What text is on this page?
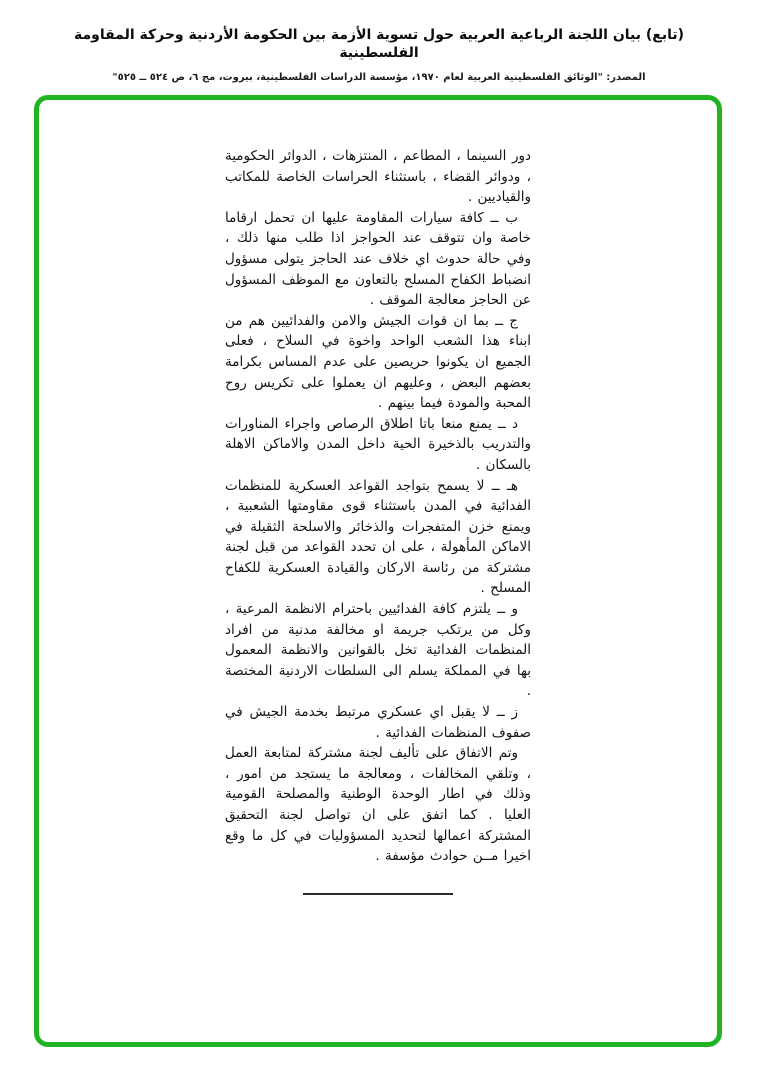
(تابع) بيان اللجنة الرباعية العربية حول تسوية الأزمة بين الحكومة الأردنية وحركة المقاومة الفلسطينية
المصدر: "الوثائق الفلسطينية العربية لعام ١٩٧٠، مؤسسة الدراسات الفلسطينية، بيروت، مج ٦، ص ٥٢٤ ــ ٥٢٥"

دور السينما ، المطاعم ، المنتزهات ، الدوائر الحكومية ، ودوائر القضاء ، باستثناء الحراسات الخاصة للمكاتب والقياديين .

ب ــ كافة سيارات المقاومة عليها ان تحمل ارقاما خاصة وان تتوقف عند الحواجز اذا طلب منها ذلك ، وفي حالة حدوث اي خلاف عند الحاجز يتولى مسؤول انضباط الكفاح المسلح بالتعاون مع الموظف المسؤول عن الحاجز معالجة الموقف .

ج ــ بما ان قوات الجيش والامن والفدائيين هم من ابناء هذا الشعب الواحد واخوة في السلاح ، فعلى الجميع ان يكونوا حريصين على عدم المساس بكرامة بعضهم البعض ، وعليهم ان يعملوا على تكريس روح المحبة والمودة فيما بينهم .

د ــ يمنع منعا باتا اطلاق الرصاص واجراء المناورات والتدريب بالذخيرة الحية داخل المدن والاماكن الاهلة بالسكان .

هـ ــ لا يسمح بتواجد القواعد العسكرية للمنظمات الفدائية في المدن باستثناء قوى مقاومتها الشعبية ، ويمنع خزن المتفجرات والذخائر والاسلحة الثقيلة في الاماكن المأهولة ، على ان تحدد القواعد من قبل لجنة مشتركة من رئاسة الاركان والقيادة العسكرية للكفاح المسلح .

و ــ يلتزم كافة الفدائيين باحترام الانظمة المرعية ، وكل من يرتكب جريمة او مخالفة مدنية من افراد المنظمات الفدائية تخل بالقوانين والانظمة المعمول بها في المملكة يسلم الى السلطات الاردنية المختصة .

ز ــ لا يقبل اي عسكري مرتبط بخدمة الجيش في صفوف المنظمات الفدائية .

وتم الاتفاق على تأليف لجنة مشتركة لمتابعة العمل ، وتلقي المخالفات ، ومعالجة ما يستجد من امور ، وذلك في اطار الوحدة الوطنية والمصلحة القومية العليا . كما اتفق على ان تواصل لجنة التحقيق المشتركة اعمالها لتحديد المسؤوليات في كل ما وقع اخيرا مــن حوادث مؤسفة .
